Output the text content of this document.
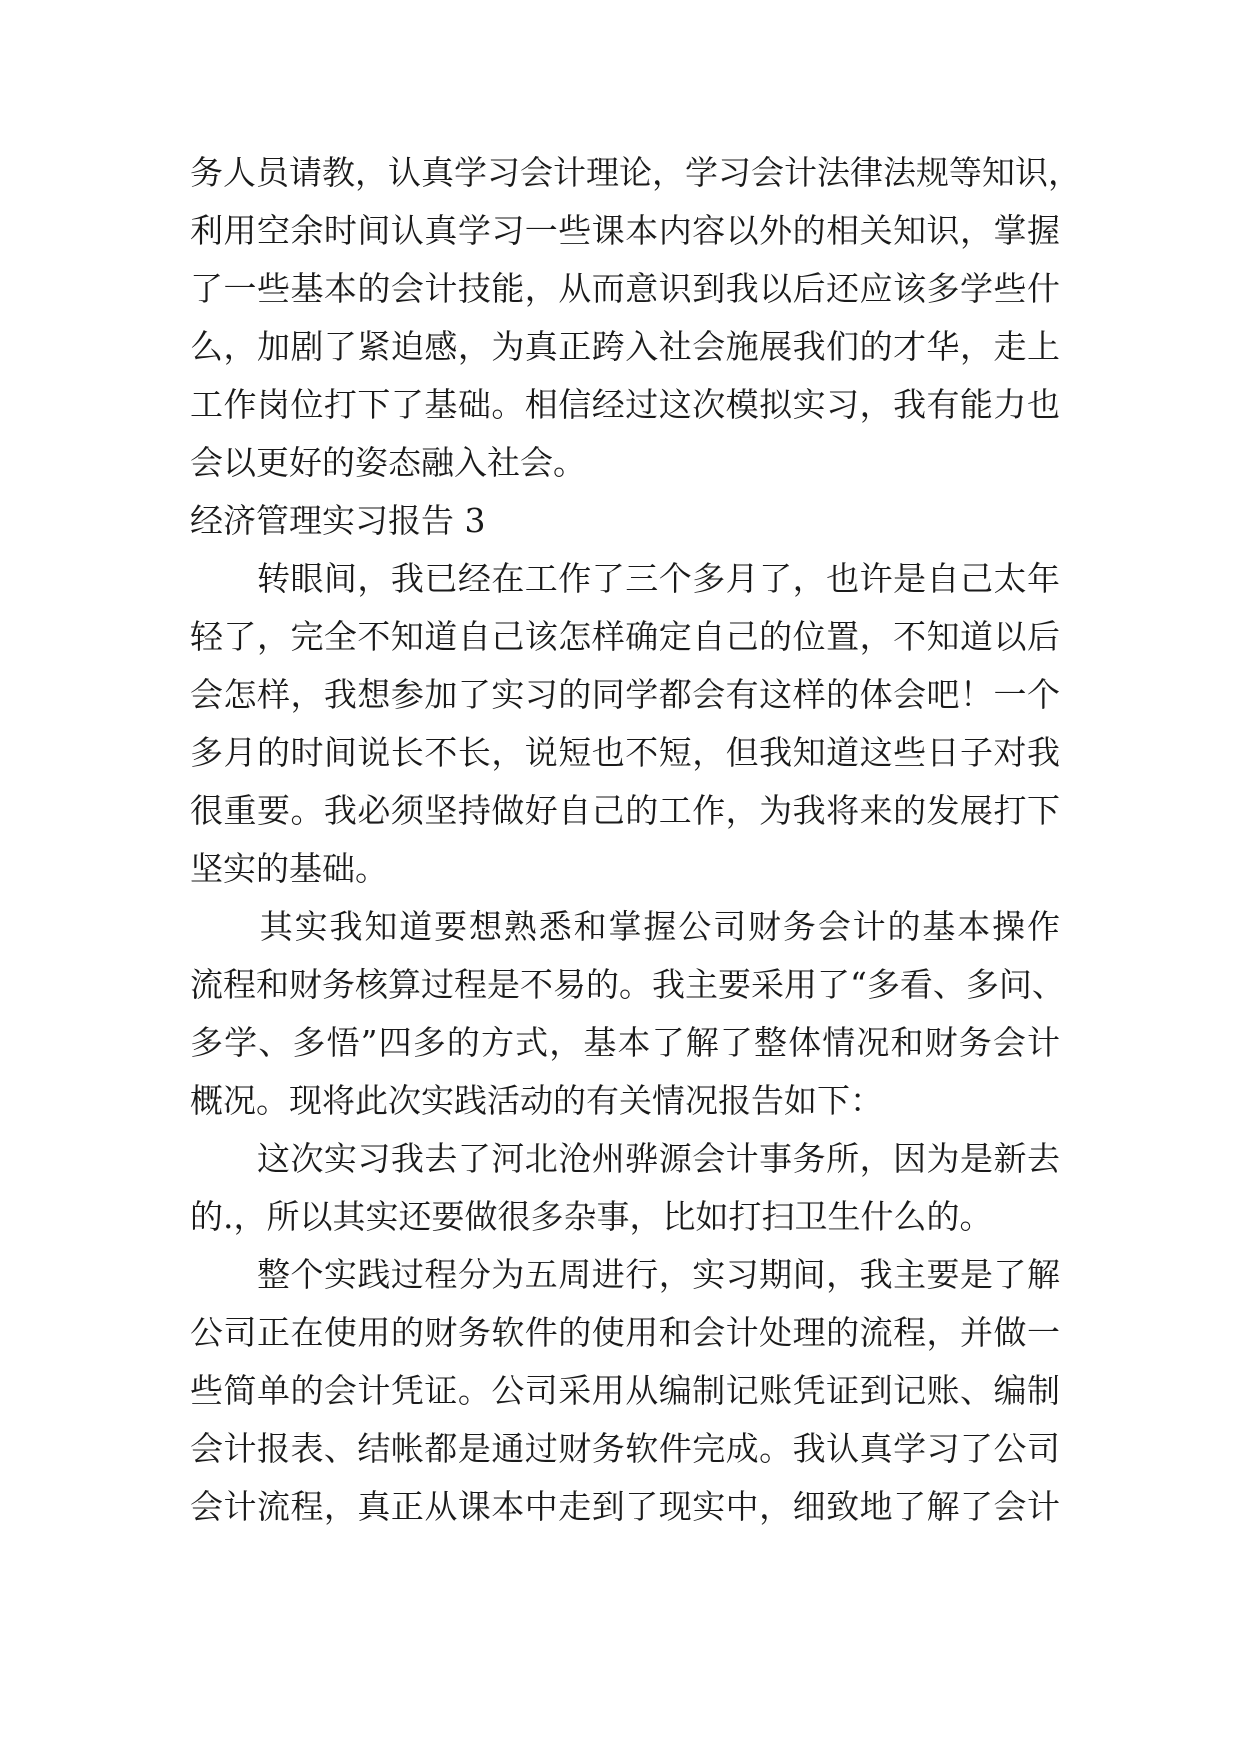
务人员请教，认真学习会计理论，学习会计法律法规等知识，
利用空余时间认真学习一些课本内容以外的相关知识，掌握
了一些基本的会计技能，从而意识到我以后还应该多学些什
么，加剧了紧迫感，为真正跨入社会施展我们的才华，走上
工作岗位打下了基础。相信经过这次模拟实习，我有能力也
会以更好的姿态融入社会。
经济管理实习报告 3
　　转眼间，我已经在工作了三个多月了，也许是自己太年
轻了，完全不知道自己该怎样确定自己的位置，不知道以后
会怎样，我想参加了实习的同学都会有这样的体会吧！一个
多月的时间说长不长，说短也不短，但我知道这些日子对我
很重要。我必须坚持做好自己的工作，为我将来的发展打下
坚实的基础。
　　其实我知道要想熟悉和掌握公司财务会计的基本操作
流程和财务核算过程是不易的。我主要采用了“多看、多问、
多学、多悟”四多的方式，基本了解了整体情况和财务会计
概况。现将此次实践活动的有关情况报告如下：
　　这次实习我去了河北沧州骅源会计事务所，因为是新去
的.，所以其实还要做很多杂事，比如打扫卫生什么的。
　　整个实践过程分为五周进行，实习期间，我主要是了解
公司正在使用的财务软件的使用和会计处理的流程，并做一
些简单的会计凭证。公司采用从编制记账凭证到记账、编制
会计报表、结帐都是通过财务软件完成。我认真学习了公司
会计流程，真正从课本中走到了现实中，细致地了解了会计
